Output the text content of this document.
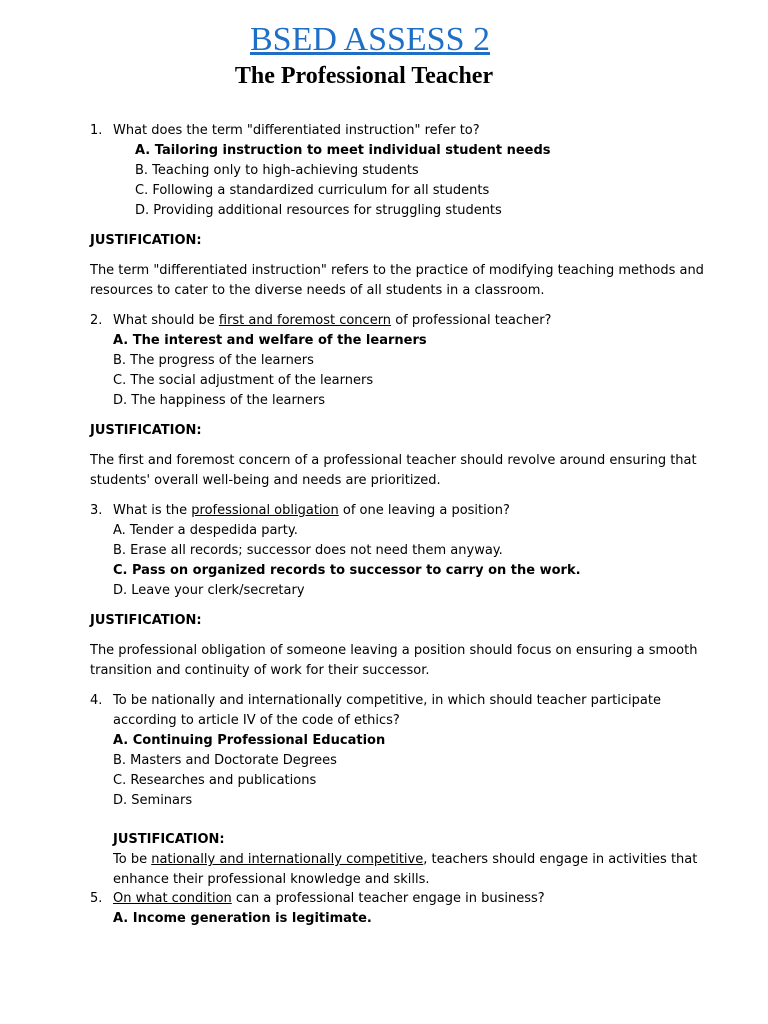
BSED ASSESS 2
The Professional Teacher
1. What does the term "differentiated instruction" refer to?
A. Tailoring instruction to meet individual student needs
B. Teaching only to high-achieving students
C. Following a standardized curriculum for all students
D. Providing additional resources for struggling students
JUSTIFICATION:
The term "differentiated instruction" refers to the practice of modifying teaching methods and
resources to cater to the diverse needs of all students in a classroom.
2. What should be first and foremost concern of professional teacher?
A. The interest and welfare of the learners
B. The progress of the learners
C. The social adjustment of the learners
D. The happiness of the learners
JUSTIFICATION:
The first and foremost concern of a professional teacher should revolve around ensuring that
students' overall well-being and needs are prioritized.
3. What is the professional obligation of one leaving a position?
A. Tender a despedida party.
B. Erase all records; successor does not need them anyway.
C. Pass on organized records to successor to carry on the work.
D. Leave your clerk/secretary
JUSTIFICATION:
The professional obligation of someone leaving a position should focus on ensuring a smooth
transition and continuity of work for their successor.
4. To be nationally and internationally competitive, in which should teacher participate
according to article IV of the code of ethics?
A. Continuing Professional Education
B. Masters and Doctorate Degrees
C. Researches and publications
D. Seminars
JUSTIFICATION:
To be nationally and internationally competitive, teachers should engage in activities that
enhance their professional knowledge and skills.
5. On what condition can a professional teacher engage in business?
A. Income generation is legitimate.
